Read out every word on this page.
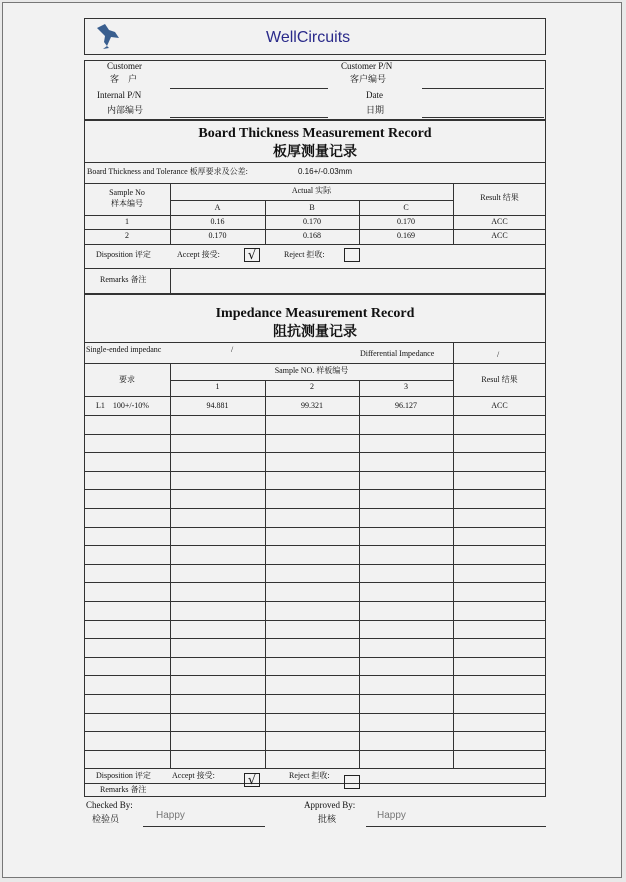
WellCircuits
Customer
客　户
Customer P/N
客户编号
Internal P/N
内部编号
Date
日期
Board Thickness Measurement Record
板厚测量记录
Board Thickness and Tolerance 板厚要求及公差:	0.16+/-0.03mm
Sample No
样本编号
Actual 实际
Result 结果
A	B	C
1	0.16	0.170	0.170	ACC
2	0.170	0.168	0.169	ACC
Disposition 评定	Accept 接受: √	Reject 拒收:
Remarks 备注
Impedance Measurement Record
阻抗测量记录
Single-ended impedanc	/	Differential Impedance	/
要求
Sample NO. 样板编号
Resul 结果
1	2	3
L1　100+/-10%	94.881	99.321	96.127	ACC
Disposition 评定	Accept 接受:	√	Reject 拒收:
Remarks 备注
Checked By:
检验员	Happy
Approved By:
批核	Happy
